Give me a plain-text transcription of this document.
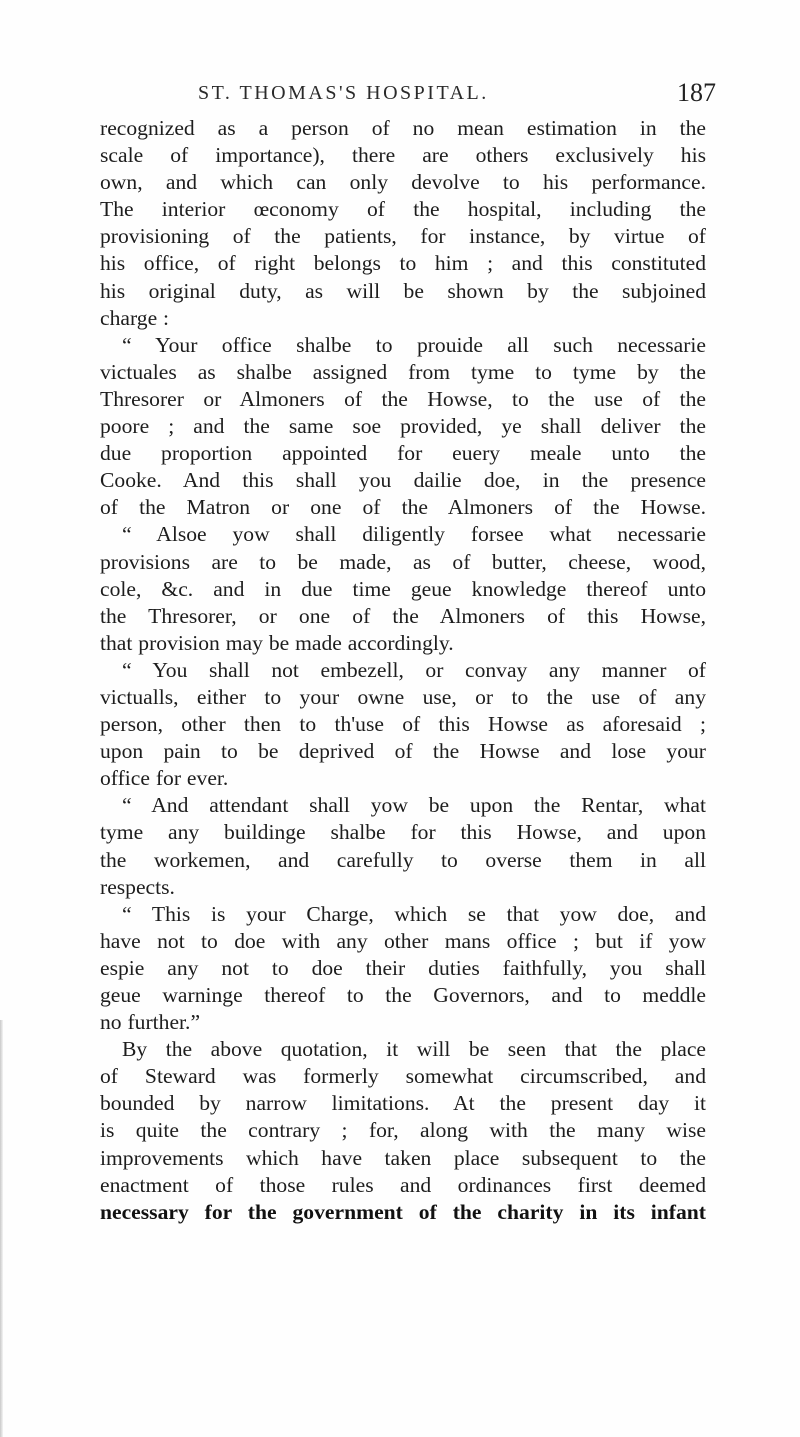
ST. THOMAS'S HOSPITAL.	187
recognized as a person of no mean estimation in the
scale of importance), there are others exclusively his
own, and which can only devolve to his performance.
The interior œconomy of the hospital, including the
provisioning of the patients, for instance, by virtue of
his office, of right belongs to him ; and this constituted
his original duty, as will be shown by the subjoined
charge :
“ Your office shalbe to prouide all such necessarie
victuales as shalbe assigned from tyme to tyme by the
Thresorer or Almoners of the Howse, to the use of the
poore ; and the same soe provided, ye shall deliver the
due proportion appointed for euery meale unto the
Cooke. And this shall you dailie doe, in the presence
of the Matron or one of the Almoners of the Howse.
“ Alsoe yow shall diligently forsee what necessarie
provisions are to be made, as of butter, cheese, wood,
cole, &c. and in due time geue knowledge thereof unto
the Thresorer, or one of the Almoners of this Howse,
that provision may be made accordingly.
“ You shall not embezell, or convay any manner of
victualls, either to your owne use, or to the use of any
person, other then to th'use of this Howse as aforesaid ;
upon pain to be deprived of the Howse and lose your
office for ever.
“ And attendant shall yow be upon the Rentar, what
tyme any buildinge shalbe for this Howse, and upon
the workemen, and carefully to overse them in all
respects.
“ This is your Charge, which se that yow doe, and
have not to doe with any other mans office ; but if yow
espie any not to doe their duties faithfully, you shall
geue warninge thereof to the Governors, and to meddle
no further.”
By the above quotation, it will be seen that the place
of Steward was formerly somewhat circumscribed, and
bounded by narrow limitations. At the present day it
is quite the contrary ; for, along with the many wise
improvements which have taken place subsequent to the
enactment of those rules and ordinances first deemed
necessary for the government of the charity in its infant
